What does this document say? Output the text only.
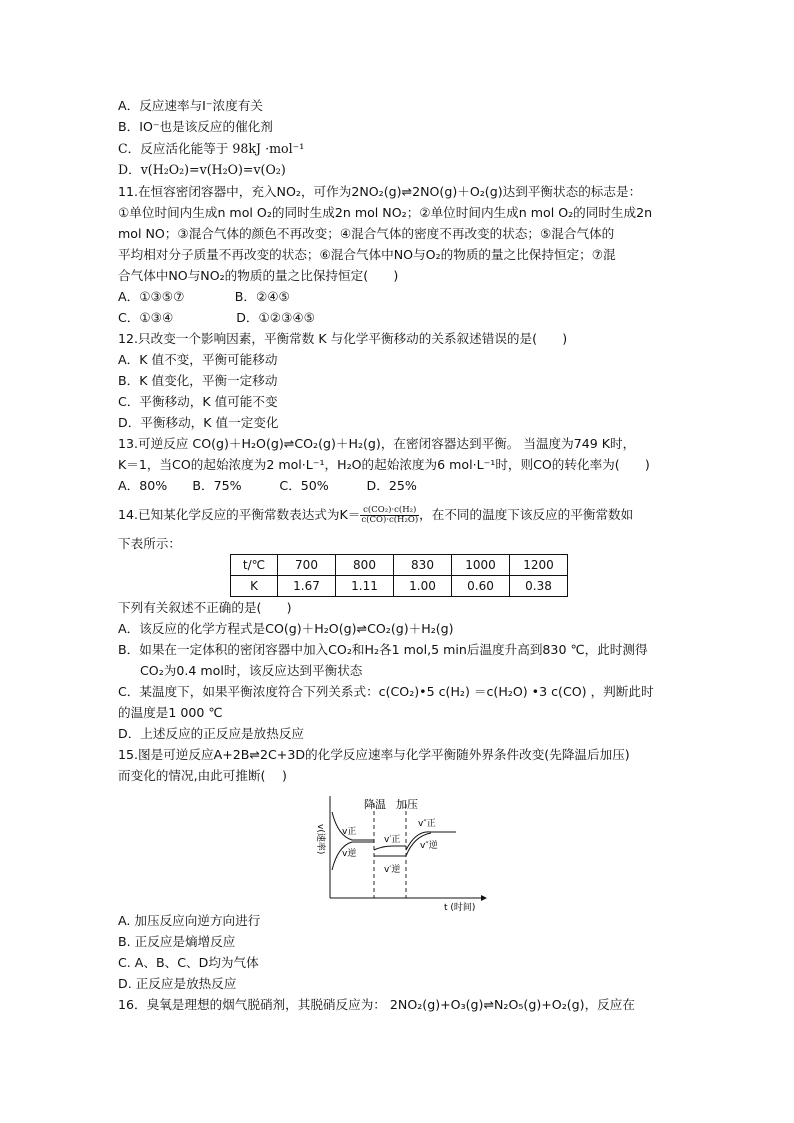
A．反应速率与I⁻浓度有关
B．IO⁻也是该反应的催化剂
C．反应活化能等于 98kJ ·mol⁻¹
D．v(H₂O₂)=v(H₂O)=v(O₂)
11.在恒容密闭容器中，充入NO₂，可作为2NO₂(g)⇌2NO(g)＋O₂(g)达到平衡状态的标志是：
①单位时间内生成n mol O₂的同时生成2n mol NO₂；②单位时间内生成n mol O₂的同时生成2n
mol NO；③混合气体的颜色不再改变；④混合气体的密度不再改变的状态；⑤混合气体的
平均相对分子质量不再改变的状态；⑥混合气体中NO与O₂的物质的量之比保持恒定；⑦混
合气体中NO与NO₂的物质的量之比保持恒定(　　)
A．①③⑤⑦　　　　B．②④⑤
C．①③④　　　　　D．①②③④⑤
12.只改变一个影响因素，平衡常数 K 与化学平衡移动的关系叙述错误的是(　　)
A．K 值不变，平衡可能移动
B．K 值变化，平衡一定移动
C．平衡移动，K 值可能不变
D．平衡移动，K 值一定变化
13.可逆反应 CO(g)＋H₂O(g)⇌CO₂(g)＋H₂(g)，在密闭容器达到平衡。 当温度为749 K时，
K＝1，当CO的起始浓度为2 mol·L⁻¹，H₂O的起始浓度为6 mol·L⁻¹时，则CO的转化率为(　　)
A．80%　　B．75%　　　C．50%　　　D．25%
14.已知某化学反应的平衡常数表达式为$K= \frac{\text{c(CO₂)·c(H₂)}}{\text{c(CO)·c(H₂O)}}$ ，在不同的温度下该反应的平衡常数如
下表所示：
t/℃	700	800	830	1000	1200
K	1.67	1.11	1.00	0.60	0.38
下列有关叙述不正确的是(　　)
A．该反应的化学方程式是CO(g)＋H₂O(g)⇌CO₂(g)＋H₂(g)
B．如果在一定体积的密闭容器中加入CO₂和H₂各1 mol,5 min后温度升高到830 ℃，此时测得
CO₂为0.4 mol时，该反应达到平衡状态
C．某温度下，如果平衡浓度符合下列关系式：c(CO₂)•5 c(H₂) ＝c(H₂O) •3 c(CO) ，判断此时
的温度是1 000 ℃
D．上述反应的正反应是放热反应
15.图是可逆反应A+2B⇌2C+3D的化学反应速率与化学平衡随外界条件改变(先降温后加压)
而变化的情况,由此可推断(　 )
v(速率)
降温 加压
v正
v逆
v′正
v′逆
v″正
v″逆
t (时间)
A. 加压反应向逆方向进行
B. 正反应是熵增反应
C. A、B、C、D均为气体
D. 正反应是放热反应
16．臭氧是理想的烟气脱硝剂，其脱硝反应为： 2NO₂(g)+O₃(g)⇌N₂O₅(g)+O₂(g)，反应在
